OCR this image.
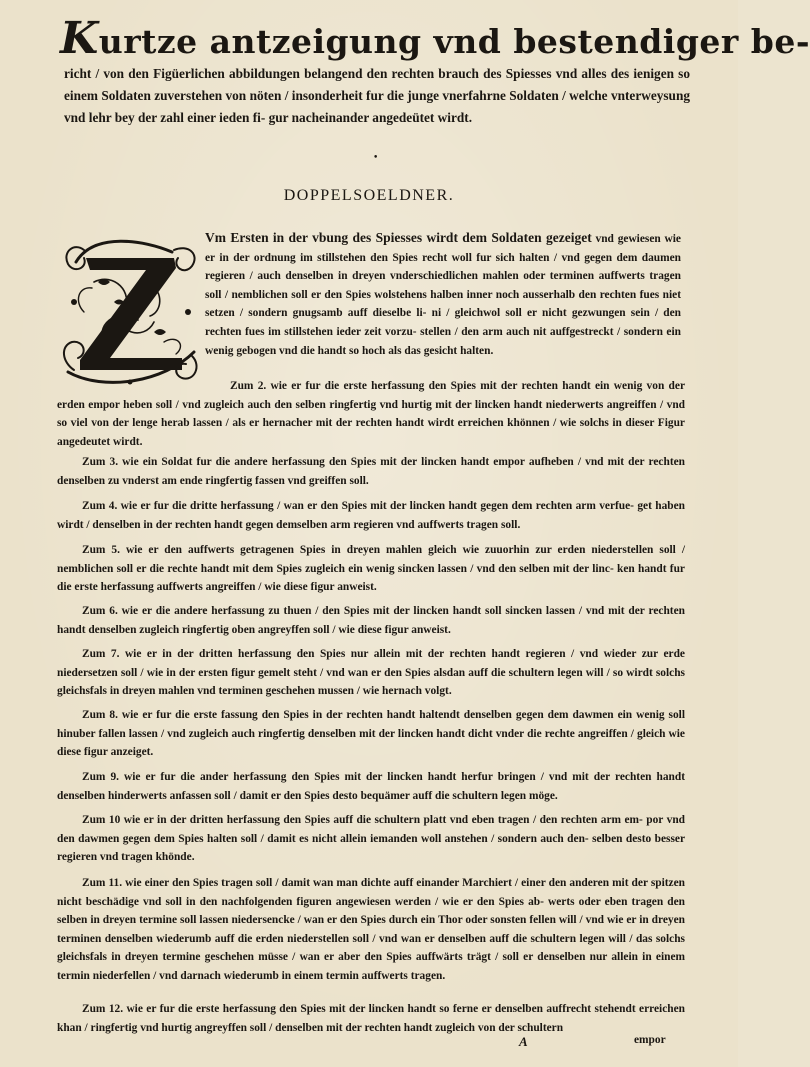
Kurtze antzeigung vnd bestendiger be-

richt / von den Figüerlichen abbildungen belangend den rechten brauch des Spiesses vnd alles des ienigen so einem Soldaten zuverstehen von nöten / insonderheit fur die junge vnerfahrne Soldaten / welche vnterweysung vnd lehr bey der zahl einer ieden fi- gur nacheinander angedeütet wirdt.

•
DOPPELSOELDNER.

Vm Ersten in der vbung des Spiesses wirdt dem Soldaten gezeiget vnd gewiesen wie er in der ordnung im stillstehen den Spies recht woll fur sich halten / vnd gegen dem daumen regieren / auch denselben in dreyen vnderschiedlichen mahlen oder terminen auffwerts tragen soll / nemblichen soll er den Spies wolstehens halben inner noch ausserhalb den rechten fues niet setzen / sondern gnugsamb auff dieselbe li- ni / gleichwol soll er nicht gezwungen sein / den rechten fues im stillstehen ieder zeit vorzu- stellen / den arm auch nit auffgestreckt / sondern ein wenig gebogen vnd die handt so hoch als das gesicht halten.

Zum 2. wie er fur die erste herfassung den Spies mit der rechten handt ein wenig von der erden empor heben soll / vnd zugleich auch den selben ringfertig vnd hurtig mit der lincken handt niederwerts angreiffen / vnd so viel von der lenge herab lassen / als er hernacher mit der rechten handt wirdt erreichen khönnen / wie solchs in dieser Figur angedeutet wirdt.

Zum 3. wie ein Soldat fur die andere herfassung den Spies mit der lincken handt empor aufheben / vnd mit der rechten denselben zu vnderst am ende ringfertig fassen vnd greiffen soll.

Zum 4. wie er fur die dritte herfassung / wan er den Spies mit der lincken handt gegen dem rechten arm verfue- get haben wirdt / denselben in der rechten handt gegen demselben arm regieren vnd auffwerts tragen soll.

Zum 5. wie er den auffwerts getragenen Spies in dreyen mahlen gleich wie zuuorhin zur erden niederstellen soll / nemblichen soll er die rechte handt mit dem Spies zugleich ein wenig sincken lassen / vnd den selben mit der linc- ken handt fur die erste herfassung auffwerts angreiffen / wie diese figur anweist.

Zum 6. wie er die andere herfassung zu thuen / den Spies mit der lincken handt soll sincken lassen / vnd mit der rechten handt denselben zugleich ringfertig oben angreyffen soll / wie diese figur anweist.

Zum 7. wie er in der dritten herfassung den Spies nur allein mit der rechten handt regieren / vnd wieder zur erde niedersetzen soll / wie in der ersten figur gemelt steht / vnd wan er den Spies alsdan auff die schultern legen will / so wirdt solchs gleichsfals in dreyen mahlen vnd terminen geschehen mussen / wie hernach volgt.

Zum 8. wie er fur die erste fassung den Spies in der rechten handt haltendt denselben gegen dem dawmen ein wenig soll hinuber fallen lassen / vnd zugleich auch ringfertig denselben mit der lincken handt dicht vnder die rechte angreiffen / gleich wie diese figur anzeiget.

Zum 9. wie er fur die ander herfassung den Spies mit der lincken handt herfur bringen / vnd mit der rechten handt denselben hinderwerts anfassen soll / damit er den Spies desto bequämer auff die schultern legen möge.

Zum 10 wie er in der dritten herfassung den Spies auff die schultern platt vnd eben tragen / den rechten arm em- por vnd den dawmen gegen dem Spies halten soll / damit es nicht allein iemanden woll anstehen / sondern auch den- selben desto besser regieren vnd tragen khönde.

Zum 11. wie einer den Spies tragen soll / damit wan man dichte auff einander Marchiert / einer den anderen mit der spitzen nicht beschädige vnd soll in den nachfolgenden figuren angewiesen werden / wie er den Spies ab- werts oder eben tragen den selben in dreyen termine soll lassen niedersencke / wan er den Spies durch ein Thor oder sonsten fellen will / vnd wie er in dreyen terminen denselben wiederumb auff die erden niederstellen soll / vnd wan er denselben auff die schultern legen will / das solchs gleichsfals in dreyen termine geschehen müsse / wan er aber den Spies auffwärts trägt / soll er denselben nur allein in einem termin niederfellen / vnd darnach wiederumb in einem termin auffwerts tragen.

Zum 12. wie er fur die erste herfassung den Spies mit der lincken handt so ferne er denselben auffrecht stehendt erreichen khan / ringfertig vnd hurtig angreyffen soll / denselben mit der rechten handt zugleich von der schultern

A	empor
